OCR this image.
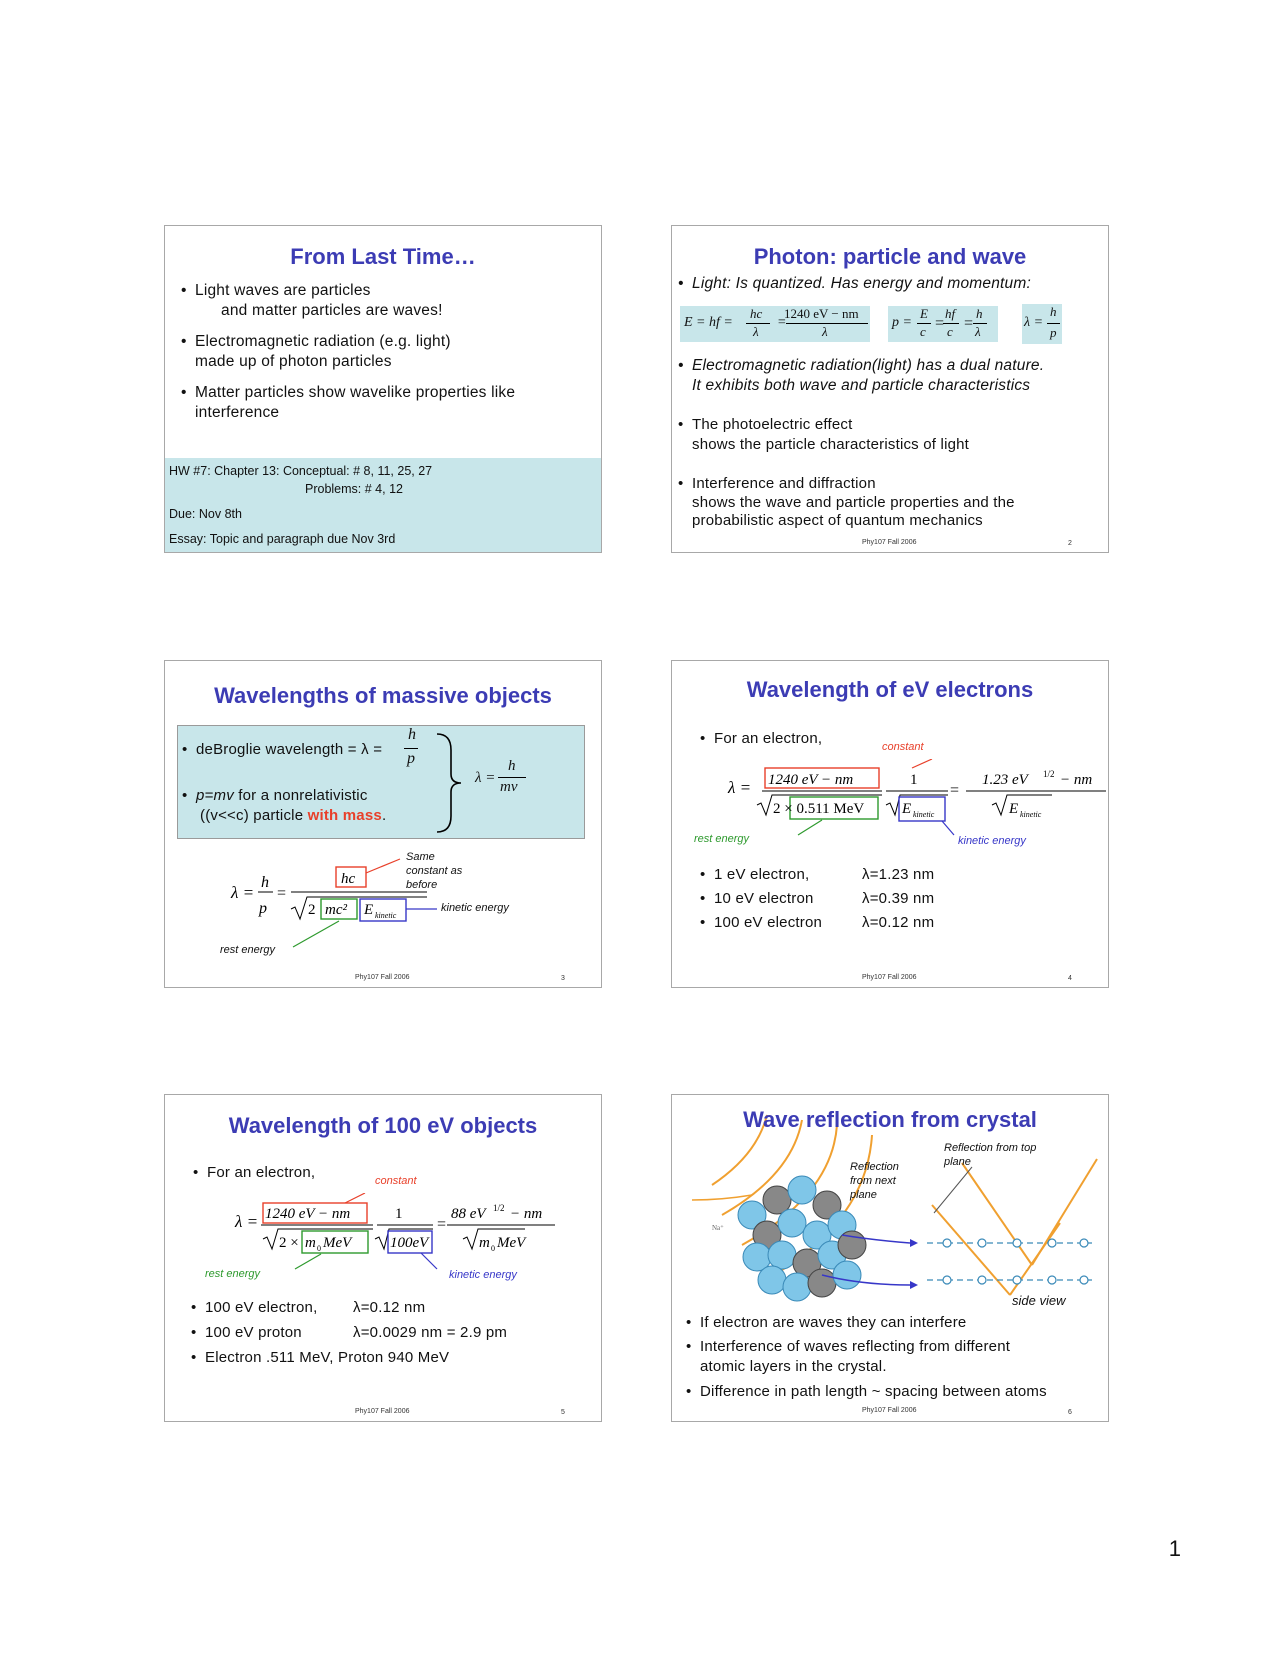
From Last Time…
• Light waves are particles
and matter particles are waves!
• Electromagnetic radiation (e.g. light)
made up of photon particles
• Matter particles show wavelike properties like
interference
HW #7: Chapter 13: Conceptual: # 8, 11, 25, 27
Problems: # 4, 12
Due: Nov 8th
Essay: Topic and paragraph due Nov 3rd
Photon: particle and wave
• Light: Is quantized. Has energy and momentum:
E = hf =
hc
λ
=
1240 eV − nm
λ
p =
E
c =
hf
c =
h
λ
λ =
h
p
• Electromagnetic radiation(light) has a dual nature.
It exhibits both wave and particle characteristics
• The photoelectric effect
shows the particle characteristics of light
• Interference and diffraction
shows the wave and particle properties and the
probabilistic aspect of quantum mechanics
Phy107 Fall 2006	2
Wavelengths of massive objects
• deBroglie wavelength = λ =
h
p
• p=mv for a nonrelativistic
((v<<c) particle with mass.
λ =
h
mv
λ =
h
p
=
hc
2 mc² E kinetic
Same constant as before
kinetic energy
rest energy
Phy107 Fall 2006	3
Wavelength of eV electrons
• For an electron,	constant
λ = 1240 eV − nm
2 × 0.511 MeV
1
E kinetic
=
1.23 eV 1/2 − nm
E kinetic
rest energy	kinetic energy
• 1 eV electron,	λ=1.23 nm
• 10 eV electron	λ=0.39 nm
• 100 eV electron	λ=0.12 nm
Phy107 Fall 2006	4
Wavelength of 100 eV objects
• For an electron,	constant
λ = 1240 eV − nm
2 × m 0 MeV
1
100eV
=
88 eV 1/2 − nm
m 0 MeV
rest energy	kinetic energy
• 100 eV electron, λ=0.12 nm
• 100 eV proton	λ=0.0029 nm = 2.9 pm
• Electron .511 MeV, Proton 940 MeV
Phy107 Fall 2006	5
Na⁺
Wave reflection from crystal
Reflection from top plane
Reflection from next plane
side view
• If electron are waves they can interfere
• Interference of waves reflecting from different
atomic layers in the crystal.
• Difference in path length ~ spacing between atoms
Phy107 Fall 2006	6
1
